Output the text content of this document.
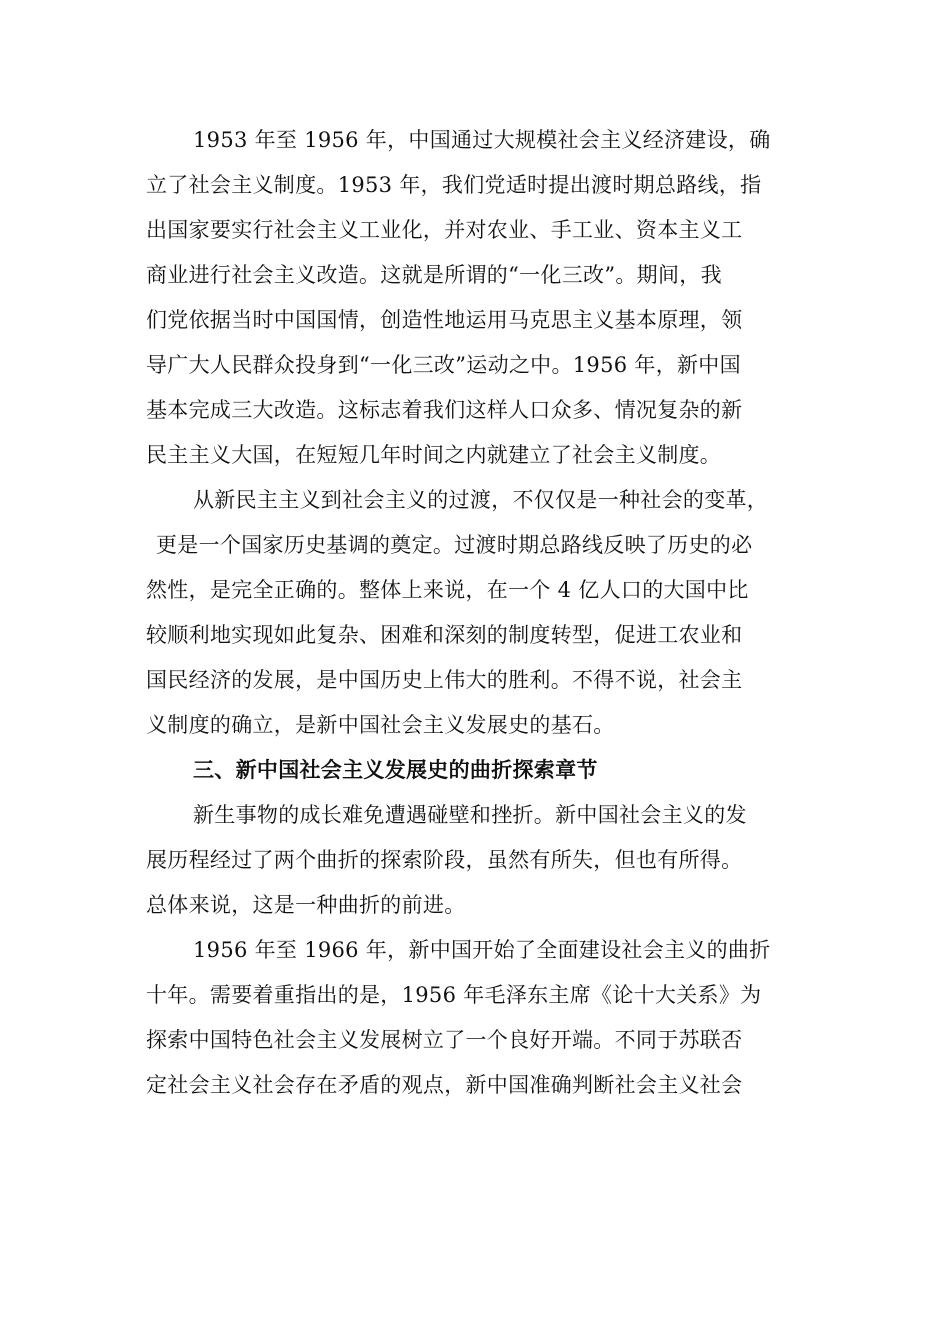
1953 年至 1956 年，中国通过大规模社会主义经济建设，确
立了社会主义制度。1953 年，我们党适时提出渡时期总路线，指
出国家要实行社会主义工业化，并对农业、手工业、资本主义工
商业进行社会主义改造。这就是所谓的“一化三改”。期间，我
们党依据当时中国国情，创造性地运用马克思主义基本原理，领
导广大人民群众投身到“一化三改”运动之中。1956 年，新中国
基本完成三大改造。这标志着我们这样人口众多、情况复杂的新
民主主义大国，在短短几年时间之内就建立了社会主义制度。
从新民主主义到社会主义的过渡，不仅仅是一种社会的变革，
更是一个国家历史基调的奠定。过渡时期总路线反映了历史的必
然性，是完全正确的。整体上来说，在一个 4 亿人口的大国中比
较顺利地实现如此复杂、困难和深刻的制度转型，促进工农业和
国民经济的发展，是中国历史上伟大的胜利。不得不说，社会主
义制度的确立，是新中国社会主义发展史的基石。
三、新中国社会主义发展史的曲折探索章节
新生事物的成长难免遭遇碰壁和挫折。新中国社会主义的发
展历程经过了两个曲折的探索阶段，虽然有所失，但也有所得。
总体来说，这是一种曲折的前进。
1956 年至 1966 年，新中国开始了全面建设社会主义的曲折
十年。需要着重指出的是，1956 年毛泽东主席《论十大关系》为
探索中国特色社会主义发展树立了一个良好开端。不同于苏联否
定社会主义社会存在矛盾的观点，新中国准确判断社会主义社会
